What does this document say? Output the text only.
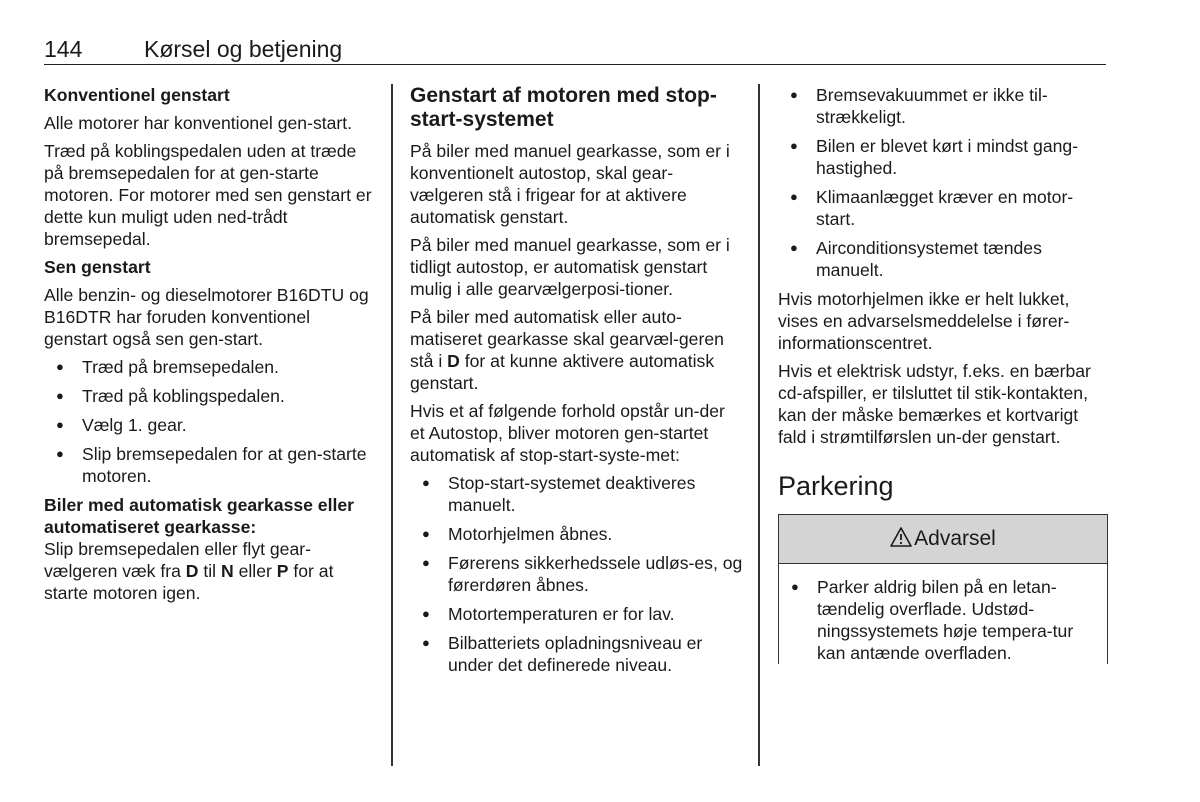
144	Kørsel og betjening
Konventionel genstart

Alle motorer har konventionel gen-start.

Træd på koblingspedalen uden at træde på bremsepedalen for at gen-starte motoren. For motorer med sen genstart er dette kun muligt uden ned-trådt bremsepedal.

Sen genstart

Alle benzin- og dieselmotorer B16DTU og B16DTR har foruden konventionel genstart også sen gen-start.

● Træd på bremsepedalen.
● Træd på koblingspedalen.
● Vælg 1. gear.
● Slip bremsepedalen for at gen-starte motoren.
Biler med automatisk gearkasse eller automatiseret gearkasse:

Slip bremsepedalen eller flyt gear-vælgeren væk fra D til N eller P for at starte motoren igen.

Genstart af motoren med stop-start-systemet

På biler med manuel gearkasse, som er i konventionelt autostop, skal gear-vælgeren stå i frigear for at aktivere automatisk genstart.

På biler med manuel gearkasse, som er i tidligt autostop, er automatisk genstart mulig i alle gearvælgerposi-tioner.

På biler med automatisk eller auto-matiseret gearkasse skal gearvæl-geren stå i D for at kunne aktivere automatisk genstart.

Hvis et af følgende forhold opstår un-der et Autostop, bliver motoren gen-startet automatisk af stop-start-syste-met:

● Stop-start-systemet deaktiveres manuelt.
● Motorhjelmen åbnes.
● Førerens sikkerhedssele udløs-es, og førerdøren åbnes.
● Motortemperaturen er for lav.
● Bilbatteriets opladningsniveau er under det definerede niveau.
● Bremsevakuummet er ikke til-strækkeligt.
● Bilen er blevet kørt i mindst gang-hastighed.
● Klimaanlægget kræver en motor-start.
● Airconditionsystemet tændes manuelt.

Hvis motorhjelmen ikke er helt lukket, vises en advarselsmeddelelse i fører-informationscentret.

Hvis et elektrisk udstyr, f.eks. en bærbar cd-afspiller, er tilsluttet til stik-kontakten, kan der måske bemærkes et kortvarigt fald i strømtilførslen un-der genstart.

Parkering
Advarsel
● Parker aldrig bilen på en letan-tændelig overflade. Udstød-ningssystemets høje tempera-tur kan antænde overfladen.
